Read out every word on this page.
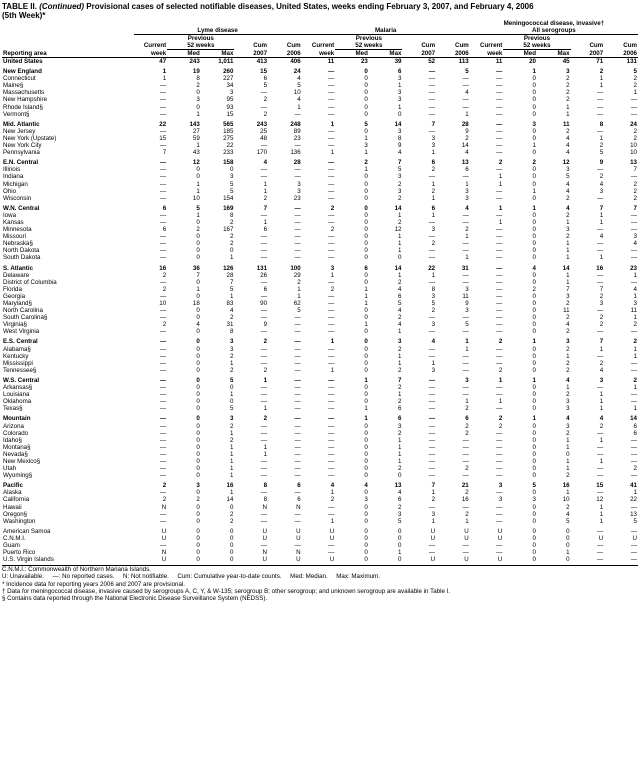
TABLE II. (Continued) Provisional cases of selected notifiable diseases, United States, weeks ending February 3, 2007, and February 4, 2006
(5th Week)*
	Lyme disease					Malaria					Meningococcal disease, invasive†				
											All serogroups				
		Previous					Previous					Previous			
	Current	52 weeks		Cum	Cum	Current	52 weeks		Cum	Cum	Current	52 weeks		Cum	Cum
Reporting area	week	Med	Max	2007	2006	week	Med	Max	2007	2006	week	Med	Max	2007	2006
United States	47	243	1,011	413	406	11	23	39	52	113	11	20	45	71	131
New England	1	19	260	15	24	—	0	6	—	5	—	1	3	2	5
Connecticut	1	8	227	6	4	—	0	3	—	—	—	0	2	1	2
Maine§	—	2	34	5	5	—	0	1	—	—	—	0	2	1	2
Massachusetts	—	0	3	—	10	—	0	3	—	4	—	0	2	—	1
New Hampshire	—	3	95	2	4	—	0	3	—	—	—	0	2	—	—
Rhode Island§	—	0	93	—	1	—	0	1	—	—	—	0	1	—	—
Vermont§	—	1	15	2	—	—	0	0	—	1	—	0	1	—	—
Mid. Atlantic	22	143	565	243	248	1	5	14	7	28	—	3	11	8	24
New Jersey	—	27	185	25	89	—	0	3	—	9	—	0	2	—	2
New York (Upstate)	15	59	275	48	23	—	1	8	3	2	—	0	4	1	2
New York City	—	1	22	—	—	—	3	9	3	14	—	1	4	2	10
Pennsylvania	7	43	233	170	136	1	1	4	1	4	—	0	4	5	10
E.N. Central	—	12	158	4	28	—	2	7	6	13	2	2	12	9	13
Illinois	—	0	0	—	—	—	1	5	2	6	—	0	3	—	7
Indiana	—	0	3	—	—	—	0	3	—	—	1	0	5	2	—
Michigan	—	1	5	1	3	—	0	2	1	1	1	0	4	4	2
Ohio	—	1	5	1	3	—	0	3	2	3	—	1	4	3	2
Wisconsin	—	10	154	2	23	—	0	2	1	3	—	0	2	—	2
W.N. Central	6	5	169	7	—	2	0	14	6	4	1	1	4	7	7
Iowa	—	1	8	—	—	—	0	1	1	—	—	0	2	1	—
Kansas	—	0	2	1	—	—	0	2	—	—	1	0	1	1	—
Minnesota	6	2	167	6	—	2	0	12	3	2	—	0	3	—	—
Missouri	—	0	2	—	—	—	0	1	—	1	—	0	2	4	3
Nebraska§	—	0	2	—	—	—	0	1	2	—	—	0	1	—	4
North Dakota	—	0	0	—	—	—	0	1	—	—	—	0	1	—	—
South Dakota	—	0	1	—	—	—	0	0	—	1	—	0	1	1	—
S. Atlantic	16	36	126	131	100	3	6	14	22	31	—	4	14	16	23
Delaware	2	7	28	26	29	1	0	1	1	—	—	0	1	—	1
District of Columbia	—	0	7	—	2	—	0	2	—	—	—	0	1	—	—
Florida	2	1	5	6	1	2	1	4	8	3	—	2	7	7	4
Georgia	—	0	1	—	1	—	1	6	3	11	—	0	3	2	1
Maryland§	10	18	83	90	62	—	1	5	5	9	—	0	2	3	3
North Carolina	—	0	4	—	5	—	0	4	2	3	—	0	11	—	11
South Carolina§	—	0	2	—	—	—	0	2	—	—	—	0	2	2	1
Virginia§	2	4	31	9	—	—	1	4	3	5	—	0	4	2	2
West Virginia	—	0	8	—	—	—	0	1	—	—	—	0	2	—	—
E.S. Central	—	0	3	2	—	1	0	3	4	1	2	1	3	7	2
Alabama§	—	0	3	—	—	—	0	2	—	1	—	0	2	1	1
Kentucky	—	0	2	—	—	—	0	1	—	—	—	0	1	—	1
Mississippi	—	0	1	—	—	—	0	1	1	—	—	0	2	2	—
Tennessee§	—	0	2	2	—	1	0	2	3	—	2	0	2	4	—
W.S. Central	—	0	5	1	—	—	1	7	—	3	1	1	4	3	2
Arkansas§	—	0	0	—	—	—	0	2	—	—	—	0	1	—	1
Louisiana	—	0	1	—	—	—	0	1	—	—	—	0	2	1	—
Oklahoma	—	0	0	—	—	—	0	2	—	1	1	0	3	1	—
Texas§	—	0	5	1	—	—	1	6	—	2	—	0	3	1	1
Mountain	—	0	3	2	—	—	1	6	—	6	2	1	4	4	14
Arizona	—	0	2	—	—	—	0	3	—	2	2	0	3	2	6
Colorado	—	0	1	—	—	—	0	2	—	2	—	0	2	—	6
Idaho§	—	0	2	—	—	—	0	1	—	—	—	0	1	1	—
Montana§	—	0	1	1	—	—	0	1	—	—	—	0	1	—	—
Nevada§	—	0	1	1	—	—	0	1	—	—	—	0	0	—	—
New Mexico§	—	0	1	—	—	—	0	1	—	—	—	0	1	1	—
Utah	—	0	1	—	—	—	0	2	—	2	—	0	1	—	2
Wyoming§	—	0	1	—	—	—	0	0	—	—	—	0	2	—	—
Pacific	2	3	16	8	6	4	4	13	7	21	3	5	16	15	41
Alaska	—	0	1	—	—	1	0	4	1	2	—	0	1	—	1
California	2	2	14	8	6	2	3	6	2	16	3	3	10	12	22
Hawaii	N	0	0	N	N	—	0	2	—	—	—	0	2	1	—
Oregon§	—	0	2	—	—	—	0	3	3	2	—	0	4	1	13
Washington	—	0	2	—	—	1	0	5	1	1	—	0	5	1	5
American Samoa	U	0	0	U	U	U	0	0	U	U	U	0	0	—	—
C.N.M.I.	U	0	0	U	U	U	0	0	U	U	U	0	0	U	U
Guam	—	0	0	—	—	—	0	0	—	—	—	0	0	—	—
Puerto Rico	N	0	0	N	N	—	0	1	—	—	—	0	1	—	—
U.S. Virgin Islands	U	0	0	U	U	U	0	0	U	U	U	0	0	—	—
C.N.M.I.: Commonwealth of Northern Mariana Islands.
U: Unavailable.     —: No reported cases.     N: Not notifiable.     Cum: Cumulative year-to-date counts.     Med: Median.     Max: Maximum.
* Incidence data for reporting years 2006 and 2007 are provisional.
† Data for meningococcal disease, invasive caused by serogroups A, C, Y, & W-135; serogroup B; other serogroup; and unknown serogroup are available in Table I.
§ Contains data reported through the National Electronic Disease Surveillance System (NEDSS).
